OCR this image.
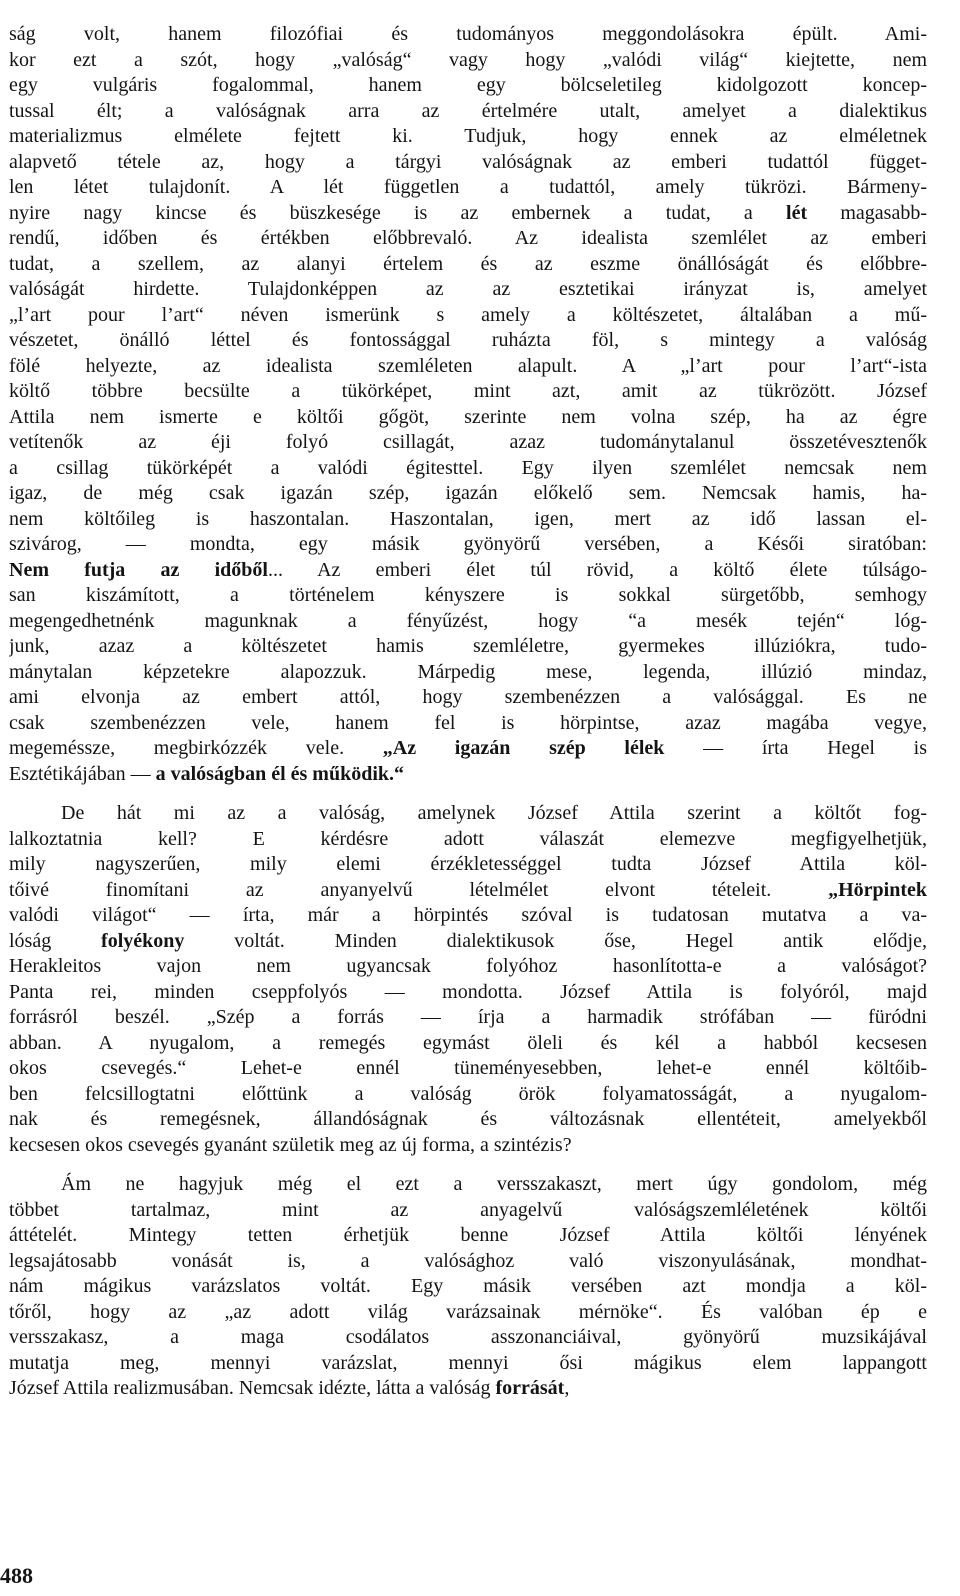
ság volt, hanem filozófiai és tudományos meggondolásokra épült. Ami-
kor ezt a szót, hogy „valóság“ vagy hogy „valódi világ“ kiejtette, nem
egy vulgáris fogalommal, hanem egy bölcseletileg kidolgozott koncep-
tussal élt; a valóságnak arra az értelmére utalt, amelyet a dialektikus
materializmus elmélete fejtett ki. Tudjuk, hogy ennek az elméletnek
alapvető tétele az, hogy a tárgyi valóságnak az emberi tudattól függet-
len létet tulajdonít. A lét független a tudattól, amely tükrözi. Bármeny-
nyire nagy kincse és büszkesége is az embernek a tudat, a lét magasabb-
rendű, időben és értékben előbbrevaló. Az idealista szemlélet az emberi
tudat, a szellem, az alanyi értelem és az eszme önállóságát és előbbre-
valóságát hirdette. Tulajdonképpen az az esztetikai irányzat is, amelyet
„l’art pour l’art“ néven ismerünk s amely a költészetet, általában a mű-
vészetet, önálló léttel és fontossággal ruházta föl, s mintegy a valóság
fölé helyezte, az idealista szemléleten alapult. A „l’art pour l’art“-ista
költő többre becsülte a tükörképet, mint azt, amit az tükrözött. József
Attila nem ismerte e költői gőgöt, szerinte nem volna szép, ha az égre
vetítenők az éji folyó csillagát, azaz tudománytalanul összetévesztenők
a csillag tükörképét a valódi égitesttel. Egy ilyen szemlélet nemcsak nem
igaz, de még csak igazán szép, igazán előkelő sem. Nemcsak hamis, ha-
nem költőileg is haszontalan. Haszontalan, igen, mert az idő lassan el-
szivárog, — mondta, egy másik gyönyörű versében, a Késői siratóban:
Nem futja az időből... Az emberi élet túl rövid, a költő élete túlságo-
san kiszámított, a történelem kényszere is sokkal sürgetőbb, semhogy
megengedhetnénk magunknak a fényűzést, hogy “a mesék tején“ lóg-
junk, azaz a költészetet hamis szemléletre, gyermekes illúziókra, tudo-
mánytalan képzetekre alapozzuk. Márpedig mese, legenda, illúzió mindaz,
ami elvonja az embert attól, hogy szembenézzen a valósággal. Es ne
csak szembenézzen vele, hanem fel is hörpintse, azaz magába vegye,
megeméssze, megbirkózzék vele. „Az igazán szép lélek — írta Hegel is
Esztétikájában — a valóságban él és működik.“
De hát mi az a valóság, amelynek József Attila szerint a költőt fog-
lalkoztatnia kell? E kérdésre adott válaszát elemezve megfigyelhetjük,
mily nagyszerűen, mily elemi érzékletességgel tudta József Attila köl-
tőivé finomítani az anyanyelvű lételmélet elvont tételeit. „Hörpintek
valódi világot“ — írta, már a hörpintés szóval is tudatosan mutatva a va-
lóság folyékony voltát. Minden dialektikusok őse, Hegel antik elődje,
Herakleitos vajon nem ugyancsak folyóhoz hasonlította-e a valóságot?
Panta rei, minden cseppfolyós — mondotta. József Attila is folyóról, majd
forrásról beszél. „Szép a forrás — írja a harmadik strófában — füródni
abban. A nyugalom, a remegés egymást öleli és kél a habból kecsesen
okos csevegés.“ Lehet-e ennél tüneményesebben, lehet-e ennél költőib-
ben felcsillogtatni előttünk a valóság örök folyamatosságát, a nyugalom-
nak és remegésnek, állandóságnak és változásnak ellentéteit, amelyekből
kecsesen okos csevegés gyanánt születik meg az új forma, a szintézis?
Ám ne hagyjuk még el ezt a versszakaszt, mert úgy gondolom, még
többet tartalmaz, mint az anyagelvű valóságszemléletének költői
áttételét. Mintegy tetten érhetjük benne József Attila költői lényének
legsajátosabb vonását is, a valósághoz való viszonyulásának, mondhat-
nám mágikus varázslatos voltát. Egy másik versében azt mondja a köl-
tőről, hogy az „az adott világ varázsainak mérnöke“. És valóban ép e
versszakasz, a maga csodálatos asszonanciáival, gyönyörű muzsikájával
mutatja meg, mennyi varázslat, mennyi ősi mágikus elem lappangott
József Attila realizmusában. Nemcsak idézte, látta a valóság forrását,
488
